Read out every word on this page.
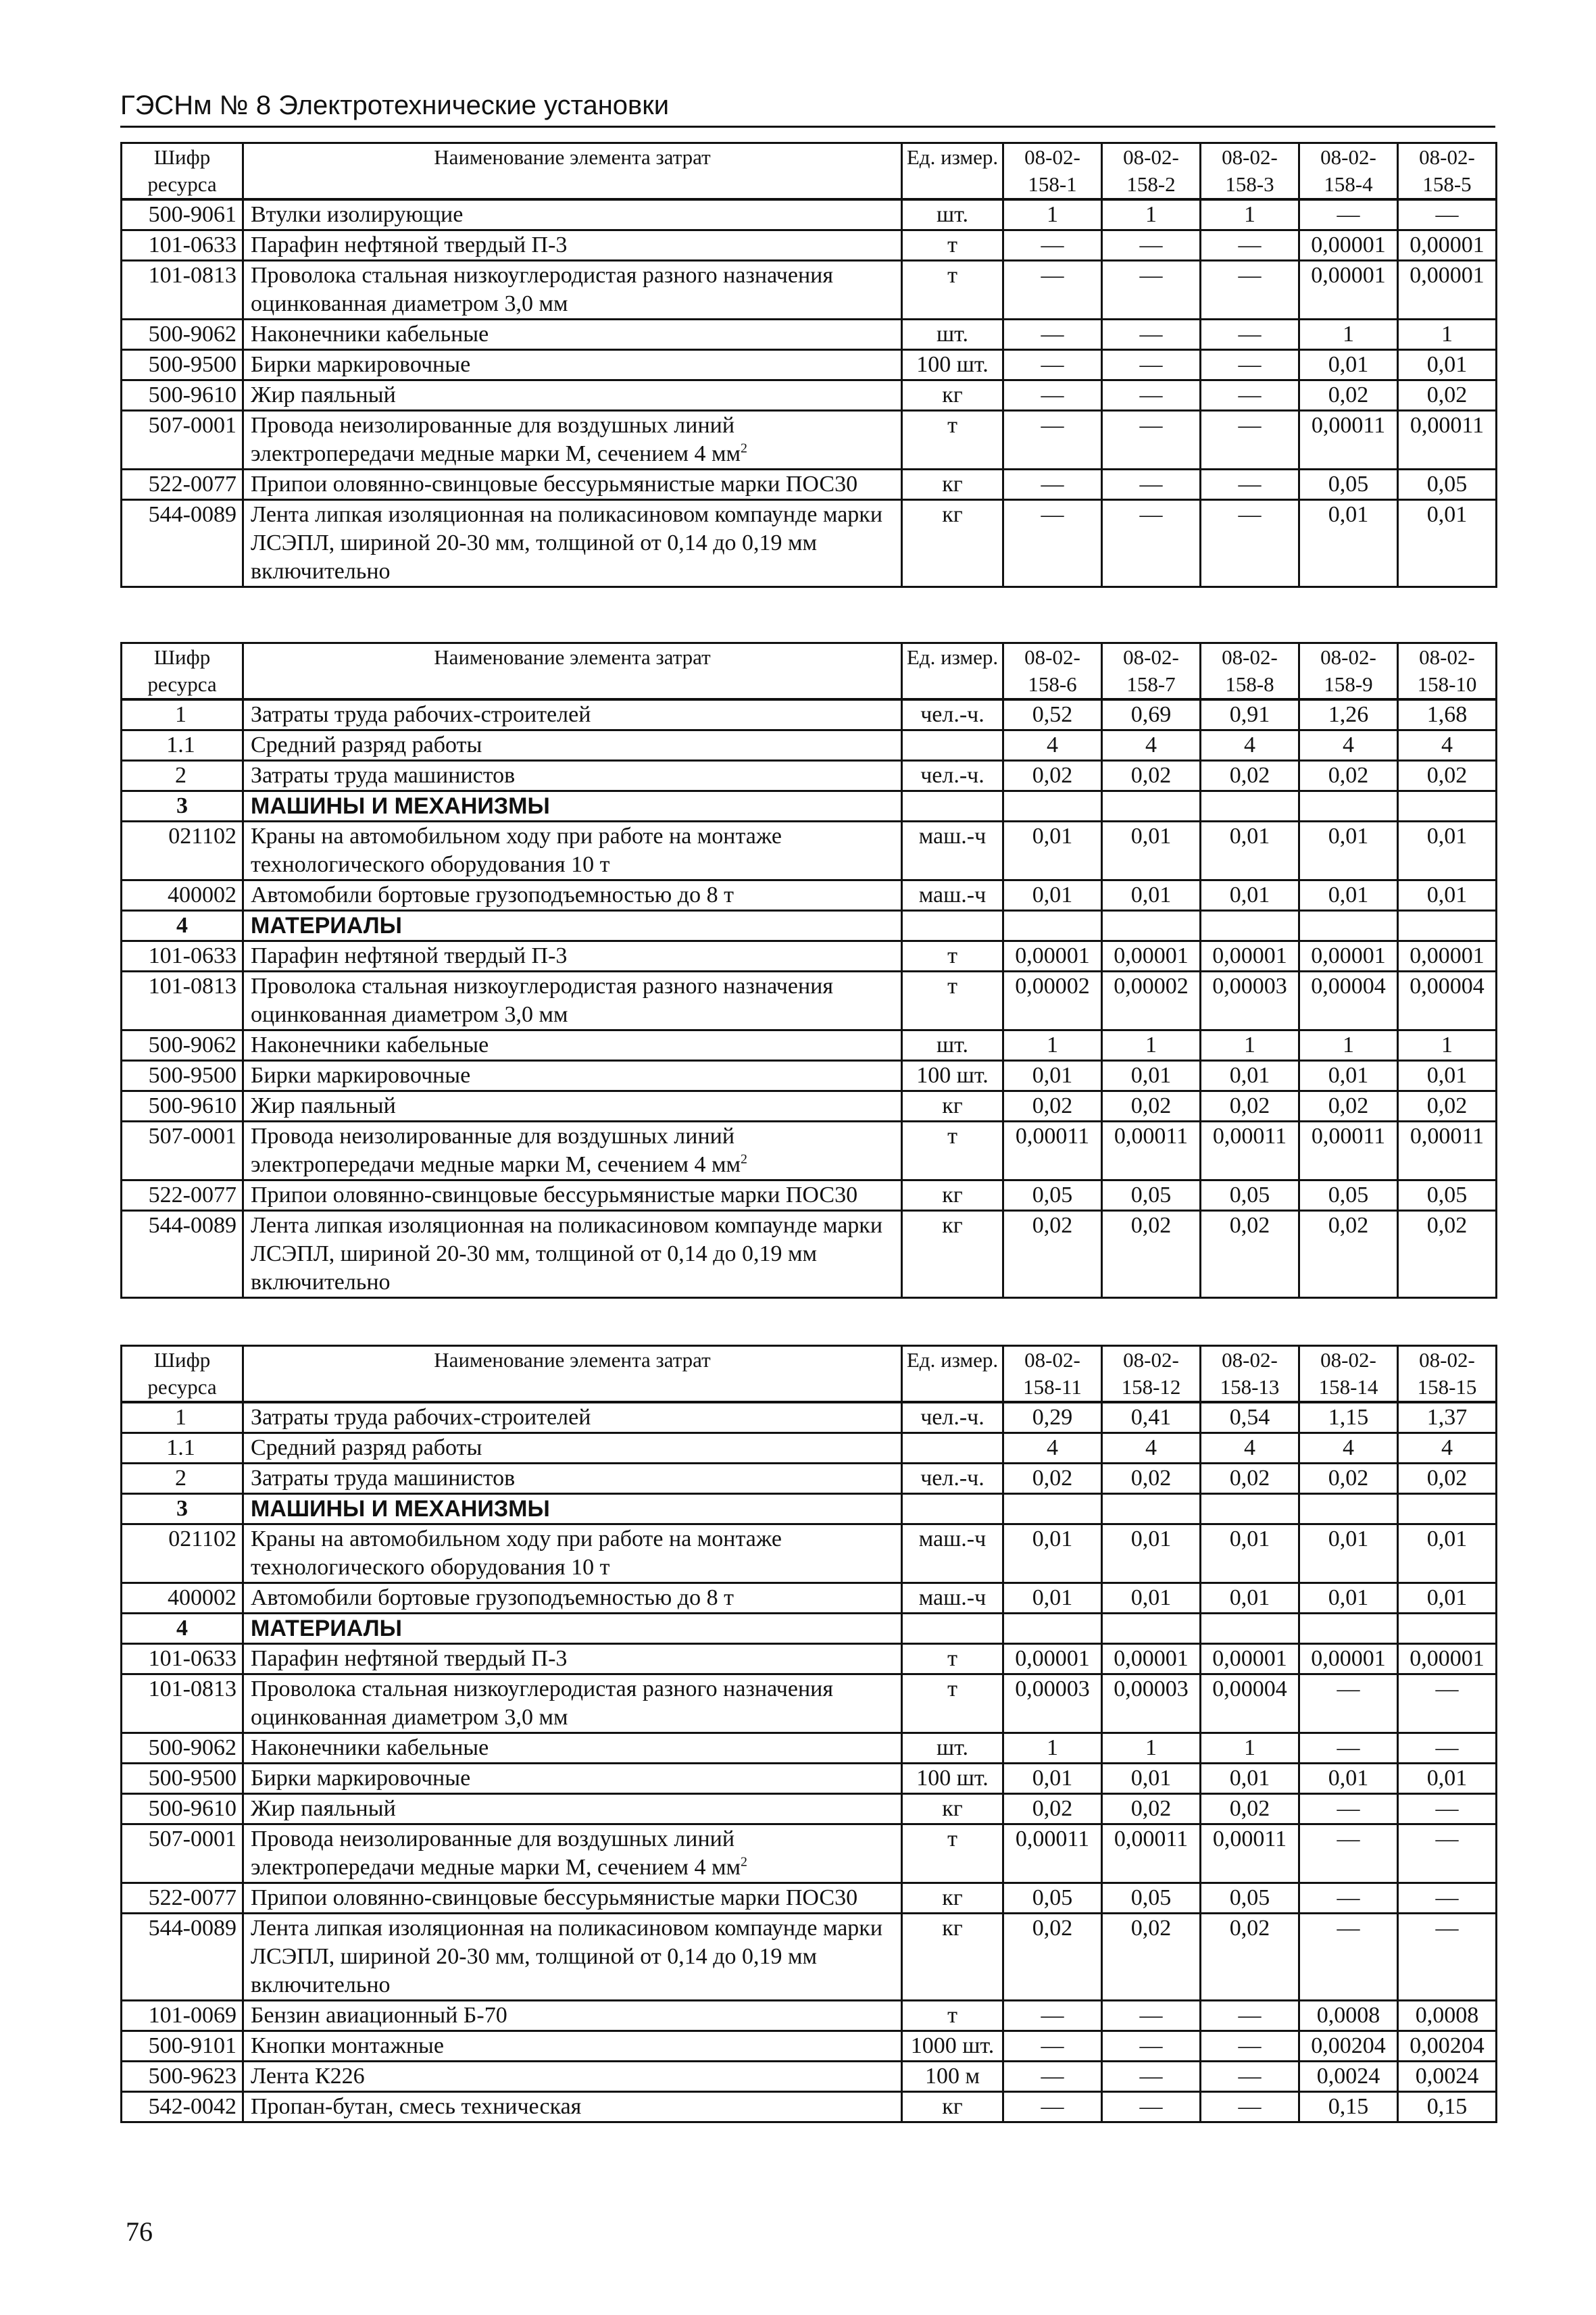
ГЭСНм № 8 Электротехнические установки
Шифр ресурса	Наименование элемента затрат	Ед. измер.	08-02-158-1	08-02-158-2	08-02-158-3	08-02-158-4	08-02-158-5
500-9061	Втулки изолирующие	шт.	1	1	1	—	—
101-0633	Парафин нефтяной твердый П-3	т	—	—	—	0,00001	0,00001
101-0813	Проволока стальная низкоуглеродистая разного назначения оцинкованная диаметром 3,0 мм	т	—	—	—	0,00001	0,00001
500-9062	Наконечники кабельные	шт.	—	—	—	1	1
500-9500	Бирки маркировочные	100 шт.	—	—	—	0,01	0,01
500-9610	Жир паяльный	кг	—	—	—	0,02	0,02
507-0001	Провода неизолированные для воздушных линий электропередачи медные марки М, сечением 4 $мм^2$	т	—	—	—	0,00011	0,00011
522-0077	Припои оловянно-свинцовые бессурьмянистые марки ПОС30	кг	—	—	—	0,05	0,05
544-0089	Лента липкая изоляционная на поликасиновом компаунде марки ЛСЭПЛ, шириной 20-30 мм, толщиной от 0,14 до 0,19 мм включительно	кг	—	—	—	0,01	0,01
Шифр ресурса	Наименование элемента затрат	Ед. измер.	08-02-158-6	08-02-158-7	08-02-158-8	08-02-158-9	08-02-158-10
1	Затраты труда рабочих-строителей	чел.-ч.	0,52	0,69	0,91	1,26	1,68
1.1	Средний разряд работы		4	4	4	4	4
2	Затраты труда машинистов	чел.-ч.	0,02	0,02	0,02	0,02	0,02
3	МАШИНЫ И МЕХАНИЗМЫ						
021102	Краны на автомобильном ходу при работе на монтаже технологического оборудования 10 т	маш.-ч	0,01	0,01	0,01	0,01	0,01
400002	Автомобили бортовые грузоподъемностью до 8 т	маш.-ч	0,01	0,01	0,01	0,01	0,01
4	МАТЕРИАЛЫ						
101-0633	Парафин нефтяной твердый П-3	т	0,00001	0,00001	0,00001	0,00001	0,00001
101-0813	Проволока стальная низкоуглеродистая разного назначения оцинкованная диаметром 3,0 мм	т	0,00002	0,00002	0,00003	0,00004	0,00004
500-9062	Наконечники кабельные	шт.	1	1	1	1	1
500-9500	Бирки маркировочные	100 шт.	0,01	0,01	0,01	0,01	0,01
500-9610	Жир паяльный	кг	0,02	0,02	0,02	0,02	0,02
507-0001	Провода неизолированные для воздушных линий электропередачи медные марки М, сечением 4 $мм^2$	т	0,00011	0,00011	0,00011	0,00011	0,00011
522-0077	Припои оловянно-свинцовые бессурьмянистые марки ПОС30	кг	0,05	0,05	0,05	0,05	0,05
544-0089	Лента липкая изоляционная на поликасиновом компаунде марки ЛСЭПЛ, шириной 20-30 мм, толщиной от 0,14 до 0,19 мм включительно	кг	0,02	0,02	0,02	0,02	0,02
Шифр ресурса	Наименование элемента затрат	Ед. измер.	08-02-158-11	08-02-158-12	08-02-158-13	08-02-158-14	08-02-158-15
1	Затраты труда рабочих-строителей	чел.-ч.	0,29	0,41	0,54	1,15	1,37
1.1	Средний разряд работы		4	4	4	4	4
2	Затраты труда машинистов	чел.-ч.	0,02	0,02	0,02	0,02	0,02
3	МАШИНЫ И МЕХАНИЗМЫ						
021102	Краны на автомобильном ходу при работе на монтаже технологического оборудования 10 т	маш.-ч	0,01	0,01	0,01	0,01	0,01
400002	Автомобили бортовые грузоподъемностью до 8 т	маш.-ч	0,01	0,01	0,01	0,01	0,01
4	МАТЕРИАЛЫ						
101-0633	Парафин нефтяной твердый П-3	т	0,00001	0,00001	0,00001	0,00001	0,00001
101-0813	Проволока стальная низкоуглеродистая разного назначения оцинкованная диаметром 3,0 мм	т	0,00003	0,00003	0,00004	—	—
500-9062	Наконечники кабельные	шт.	1	1	1	—	—
500-9500	Бирки маркировочные	100 шт.	0,01	0,01	0,01	0,01	0,01
500-9610	Жир паяльный	кг	0,02	0,02	0,02	—	—
507-0001	Провода неизолированные для воздушных линий электропередачи медные марки М, сечением 4 $мм^2$	т	0,00011	0,00011	0,00011	—	—
522-0077	Припои оловянно-свинцовые бессурьмянистые марки ПОС30	кг	0,05	0,05	0,05	—	—
544-0089	Лента липкая изоляционная на поликасиновом компаунде марки ЛСЭПЛ, шириной 20-30 мм, толщиной от 0,14 до 0,19 мм включительно	кг	0,02	0,02	0,02	—	—
101-0069	Бензин авиационный Б-70	т	—	—	—	0,0008	0,0008
500-9101	Кнопки монтажные	1000 шт.	—	—	—	0,00204	0,00204
500-9623	Лента К226	100 м	—	—	—	0,0024	0,0024
542-0042	Пропан-бутан, смесь техническая	кг	—	—	—	0,15	0,15
76
